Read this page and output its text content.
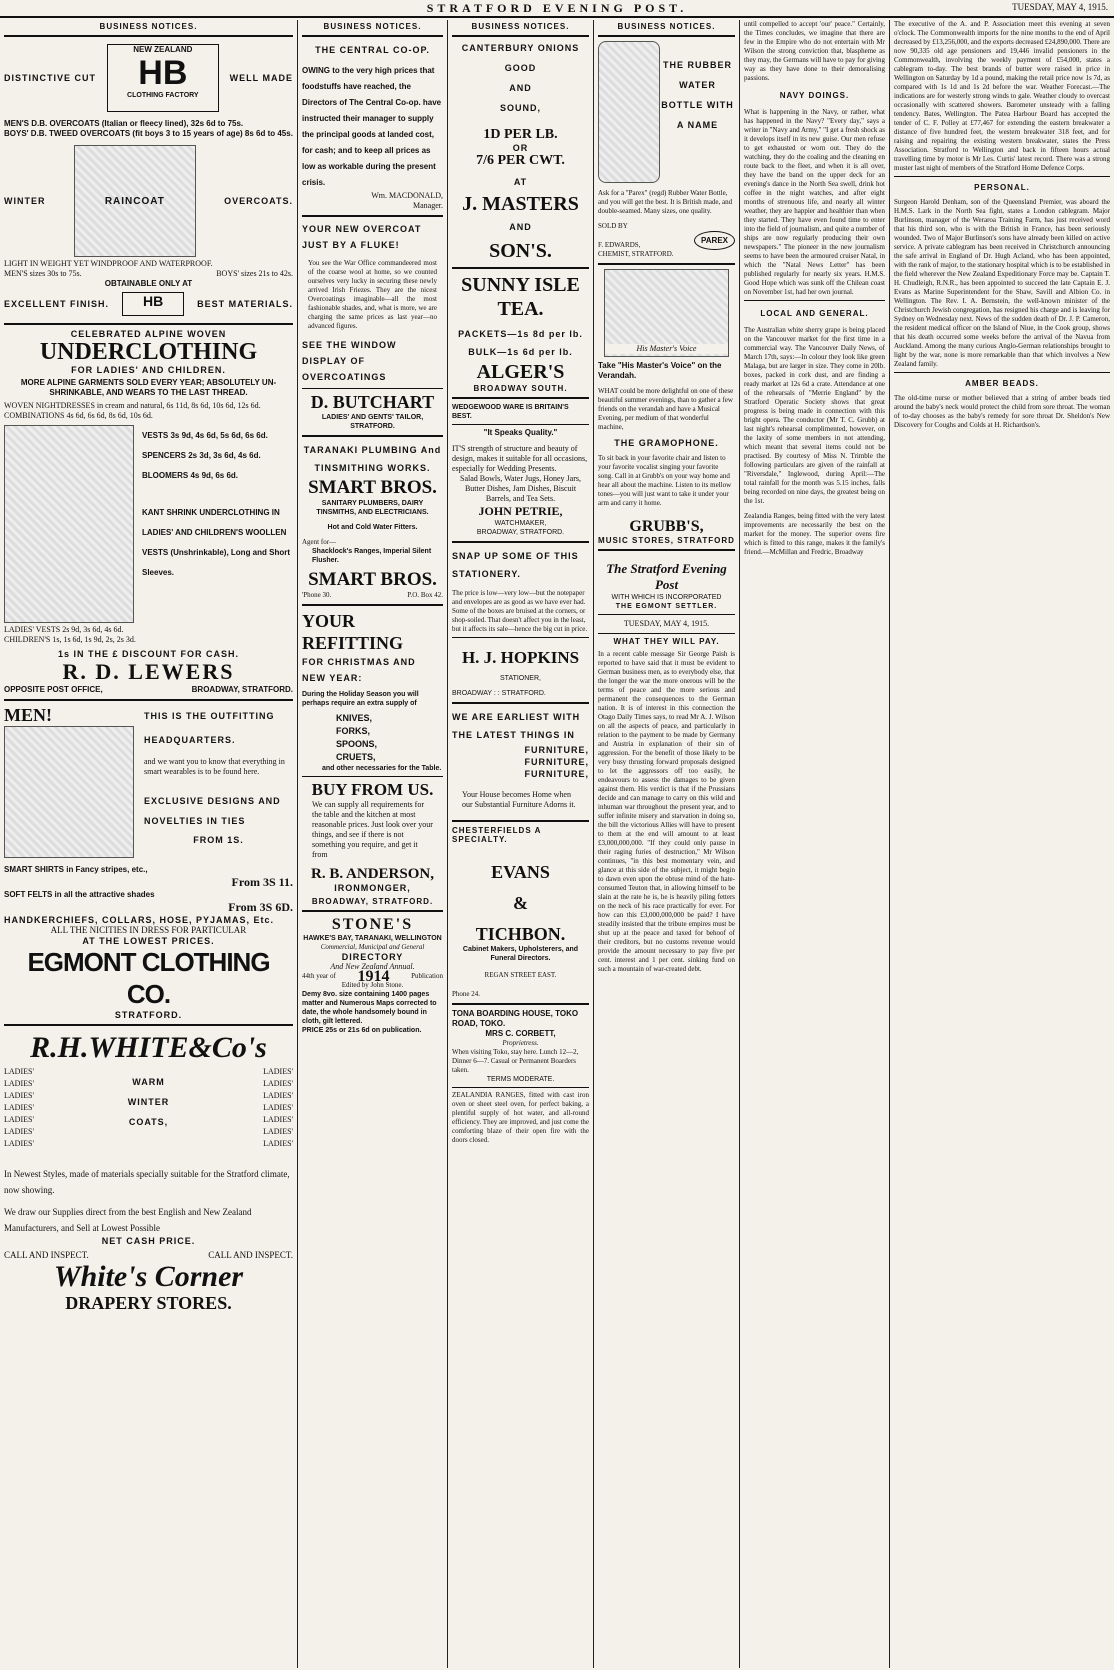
STRATFORD EVENING POST.	TUESDAY, MAY 4, 1915.
BUSINESS NOTICES.
DISTINCTIVE CUT
NEW ZEALAND
HB
CLOTHING FACTORY
WELL MADE
MEN'S D.B. OVERCOATS (Italian or fleecy lined), 32s 6d to 75s.
BOYS' D.B. TWEED OVERCOATS (fit boys 3 to 15 years of age) 8s 6d to 45s.
WINTER	RAINCOAT	OVERCOATS.
LIGHT IN WEIGHT YET WINDPROOF AND WATERPROOF.
MEN'S sizes 30s to 75s.	BOYS' sizes 21s to 42s.
OBTAINABLE ONLY AT
EXCELLENT FINISH.	HB	BEST MATERIALS.
CELEBRATED ALPINE WOVEN
UNDERCLOTHING
FOR LADIES' AND CHILDREN.
MORE ALPINE GARMENTS SOLD EVERY YEAR; ABSOLUTELY UN-SHRINKABLE, AND WEARS TO THE LAST THREAD.
WOVEN NIGHTDRESSES in cream and natural, 6s 11d, 8s 6d, 10s 6d, 12s 6d.
COMBINATIONS 4s 6d, 6s 6d, 8s 6d, 10s 6d.
VESTS 3s 9d, 4s 6d, 5s 6d, 6s 6d.
SPENCERS 2s 3d, 3s 6d, 4s 6d.
BLOOMERS 4s 9d, 6s 6d.
KANT SHRINK UNDERCLOTHING IN LADIES' AND CHILDREN'S WOOLLEN VESTS (Unshrinkable), Long and Short Sleeves.
LADIES' VESTS 2s 9d, 3s 6d, 4s 6d.
CHILDREN'S 1s, 1s 6d, 1s 9d, 2s, 2s 3d.
1s IN THE £ DISCOUNT FOR CASH.
R. D. LEWERS
OPPOSITE POST OFFICE,	BROADWAY, STRATFORD.
MEN!	THIS IS THE OUTFITTING
HEADQUARTERS.
and we want you to know that everything in smart wearables is to be found here.
EXCLUSIVE DESIGNS AND NOVELTIES IN TIES
FROM 1S.
SMART SHIRTS in Fancy stripes, etc.,
From 3S 11.
SOFT FELTS in all the attractive shades
From 3S 6D.
HANDKERCHIEFS, COLLARS, HOSE, PYJAMAS, Etc.
ALL THE NICITIES IN DRESS FOR PARTICULAR
AT THE LOWEST PRICES.
EGMONT CLOTHING CO.
STRATFORD.
R.H.WHITE&Co's
LADIES'
LADIES'
LADIES'
LADIES'
LADIES'
LADIES'
LADIES'
WARM
WINTER
COATS,
LADIES'
LADIES'
LADIES'
LADIES'
LADIES'
LADIES'
LADIES'
In Newest Styles, made of materials specially suitable for the Stratford climate, now showing.
We draw our Supplies direct from the best English and New Zealand Manufacturers, and Sell at Lowest Possible
NET CASH PRICE.
CALL AND INSPECT.	CALL AND INSPECT.
White's Corner
DRAPERY STORES.
BUSINESS NOTICES.
THE CENTRAL CO-OP.
OWING to the very high prices that foodstuffs have reached, the Directors of The Central Co-op. have instructed their manager to supply the principal goods at landed cost, for cash; and to keep all prices as low as workable during the present crisis.
Wm. MACDONALD,
Manager.
YOUR NEW OVERCOAT JUST BY A FLUKE!
You see the War Office commandeered most of the coarse wool at home, so we counted ourselves very lucky in securing these newly arrived Irish Friezes. They are the nicest Overcoatings imaginable—all the most fashionable shades, and, what is more, we are charging the same prices as last year—no advanced figures.
SEE THE WINDOW DISPLAY OF OVERCOATINGS
D. BUTCHART
LADIES' AND GENTS' TAILOR, STRATFORD.
TARANAKI PLUMBING And TINSMITHING WORKS.
SMART BROS.
SANITARY PLUMBERS, DAIRY TINSMITHS, AND ELECTRICIANS.
Hot and Cold Water Fitters.
Agent for—
Shacklock's Ranges, Imperial Silent Flusher.
SMART BROS.
'Phone 30.	P.O. Box 42.
YOUR REFITTING
FOR CHRISTMAS AND NEW YEAR:
During the Holiday Season you will perhaps require an extra supply of
KNIVES,
FORKS,
SPOONS,
CRUETS,
and other necessaries for the Table.
BUY FROM US.
We can supply all requirements for the table and the kitchen at most reasonable prices. Just look over your things, and see if there is not something you require, and get it from
R. B. ANDERSON,
IRONMONGER,
BROADWAY, STRATFORD.
STONE'S
HAWKE'S BAY, TARANAKI, WELLINGTON
Commercial, Municipal and General
DIRECTORY
And New Zealand Annual.
44th year of 1914	Publication
Edited by John Stone.
Demy 8vo. size containing 1400 pages matter and Numerous Maps corrected to date, the whole handsomely bound in cloth, gilt lettered.
PRICE 25s or 21s 6d on publication.
BUSINESS NOTICES.
CANTERBURY ONIONS
GOOD
AND
SOUND,
1D PER LB.
OR
7/6 PER CWT.
AT
J. MASTERS
AND
SON'S.
SUNNY ISLE TEA.
PACKETS—1s 8d per lb.
BULK—1s 6d per lb.
ALGER'S
BROADWAY SOUTH.
WEDGEWOOD WARE IS BRITAIN'S BEST.
"It Speaks Quality."
IT'S strength of structure and beauty of design, makes it suitable for all occasions, especially for Wedding Presents.
Salad Bowls, Water Jugs, Honey Jars, Butter Dishes, Jam Dishes, Biscuit Barrels, and Tea Sets.
JOHN PETRIE,
WATCHMAKER,
BROADWAY, STRATFORD.
SNAP UP SOME OF THIS STATIONERY.
The price is low—very low—but the notepaper and envelopes are as good as we have ever had. Some of the boxes are bruised at the corners, or shop-soiled. That doesn't affect you in the least, but it affects its sale—hence the big cut in price.
H. J. HOPKINS
STATIONER,
BROADWAY : : STRATFORD.
WE ARE EARLIEST WITH THE LATEST THINGS IN
FURNITURE,
FURNITURE,
FURNITURE,
Your House becomes Home when our Substantial Furniture Adorns it.
CHESTERFIELDS A SPECIALTY.
EVANS
&
TICHBON.
Cabinet Makers, Upholsterers, and Funeral Directors.
REGAN STREET EAST.
Phone 24.
TONA BOARDING HOUSE, TOKO ROAD, TOKO.
MRS C. CORBETT,
Proprietress.
When visiting Toko, stay here. Lunch 12—2, Dinner 6—7. Casual or Permanent Boarders taken.
TERMS MODERATE.
ZEALANDIA RANGES, fitted with cast iron oven or sheet steel oven, for perfect baking, a plentiful supply of hot water, and all-round efficiency. They are improved, and just come the comforting blaze of their open fire with the doors closed.
BUSINESS NOTICES.
THE RUBBER WATER BOTTLE WITH A NAME
Ask for a "Parex" (regd) Rubber Water Bottle, and you will get the best. It is British made, and double-seamed. Many sizes, one quality.
SOLD BY
F. EDWARDS,
CHEMIST, STRATFORD.
PAREX
His Master's Voice
Take "His Master's Voice" on the Verandah.
WHAT could be more delightful on one of these beautiful summer evenings, than to gather a few friends on the verandah and have a Musical Evening, per medium of that wonderful machine,
THE GRAMOPHONE.
To sit back in your favorite chair and listen to your favorite vocalist singing your favorite song. Call in at Grubb's on your way home and hear all about the machine. Listen to its mellow tones—you will just want to take it under your arm and carry it home.
GRUBB'S,
MUSIC STORES, STRATFORD
The Stratford Evening Post
WITH WHICH IS INCORPORATED
THE EGMONT SETTLER.
TUESDAY, MAY 4, 1915.
WHAT THEY WILL PAY.
In a recent cable message Sir George Paish is reported to have said that it must be evident to German business men, as to everybody else, that the longer the war the more onerous will be the terms of peace and the more serious and permanent the consequences to the German nation. It is of interest in this connection the Otago Daily Times says, to read Mr A. J. Wilson on all the aspects of peace, and particularly in relation to the payment to be made by Germany and Austria in explanation of their sin of aggression. For the benefit of those likely to be very busy thrusting forward proposals designed to let the aggressors off too easily, he endeavours to assess the damages to be given against them. His verdict is that if the Prussians decide and can manage to carry on this wild and inhuman war throughout the present year, and to suffer infinite misery and starvation in doing so, the bill the victorious Allies will have to present to them at the end will amount to at least £3,000,000,000. "If they could only pause in their raging furies of destruction," Mr Wilson continues, "in this best momentary vein, and glance at this side of the subject, it might begin to dawn even upon the obtuse mind of the hate-consumed Teuton that, in allowing himself to be slain at the rate he is, he is heavily piling fetters on the neck of his race practically for ever. For how can this £3,000,000,000 be paid? I have steadily insisted that the tribute empires must be shut up at the peace and taxed for behoof of their creditors, but no customs revenue would provide the amount necessary to pay five per cent. interest and 1 per cent. sinking fund on such a mountain of war-created debt.
until compelled to accept 'our' peace." Certainly, the Times concludes, we imagine that there are few in the Empire who do not entertain with Mr Wilson the strong conviction that, blaspheme as they may, the Germans will have to pay for giving way as they have done to their demoralising passions.
NAVY DOINGS.
What is happening in the Navy, or rather, what has happened in the Navy? "Every day," says a writer in "Navy and Army," "I get a fresh shock as it develops itself in its new guise. Our men refuse to get exhausted or worn out. They do the watching, they do the coaling and the cleaning en route back to the fleet, and when it is all over, they have the band on the upper deck for an evening's dance in the North Sea swell, drink hot coffee in the night watches, and after eight months of strenuous life, and nearly all winter weather, they are happier and healthier than when they started. They have even found time to enter into the field of journalism, and quite a number of ships are now regularly producing their own newspapers." The pioneer in the new journalism seems to have been the armoured cruiser Natal, in which the "Natal News Letter" has been published regularly for nearly six years. H.M.S. Good Hope which was sunk off the Chilean coast on November 1st, had her own journal.
LOCAL AND GENERAL.
The Australian white sherry grape is being placed on the Vancouver market for the first time in a commercial way. The Vancouver Daily News, of March 17th, says:—In colour they look like green Malaga, but are larger in size. They come in 20lb. boxes, packed in cork dust, and are finding a ready market at 12s 6d a crate. Attendance at one of the rehearsals of "Merrie England" by the Stratford Operatic Society shows that great progress is being made in connection with this bright opera. The conductor (Mr T. C. Grubb) at last night's rehearsal complimented, however, on the laxity of some members in not attending, which meant that several items could not be practised. By courtesy of Miss N. Trimble the following particulars are given of the rainfall at "Riversdale," Inglewood, during April:—The total rainfall for the month was 5.15 inches, falls being recorded on nine days, the greatest being on the 1st.
Zealandia Ranges, being fitted with the very latest improvements are necessarily the best on the market for the money. The superior ovens fire which is fitted to this range, makes it the family's friend.—McMillan and Fredric, Broadway
The executive of the A. and P. Association meet this evening at seven o'clock. The Commonwealth imports for the nine months to the end of April decreased by £13,256,000, and the exports decreased £24,890,000. There are now 90,335 old age pensioners and 19,446 invalid pensioners in the Commonwealth, involving the weekly payment of £54,000, states a cablegram to-day. The best brands of butter were raised in price in Wellington on Saturday by 1d a pound, making the retail price now 1s 7d, as compared with 1s 1d and 1s 2d before the war. Weather Forecast.—The indications are for westerly strong winds to gale. Weather cloudy to overcast occasionally with scattered showers. Barometer unsteady with a falling tendency. Bates, Wellington. The Patea Harbour Board has accepted the tender of C. F. Polley at £77,467 for extending the eastern breakwater a distance of five hundred feet, the western breakwater 318 feet, and for raising and repairing the existing western breakwater, states the Press Association. Stratford to Wellington and back in fifteen hours actual travelling time by motor is Mr Les. Curtis' latest record. There was a strong muster last night of members of the Stratford Home Defence Corps.
PERSONAL.
Surgeon Harold Denham, son of the Queensland Premier, was aboard the H.M.S. Lark in the North Sea fight, states a London cablegram. Major Burlinson, manager of the Weraroa Training Farm, has just received word that his third son, who is with the British in France, has been seriously wounded. Two of Major Burlinson's sons have already been killed on active service. A private cablegram has been received in Christchurch announcing the safe arrival in England of Dr. Hugh Acland, who has been appointed, with the rank of major, to the stationary hospital which is to be established in the field wherever the New Zealand Expeditionary Force may be. Captain T. H. Chudleigh, R.N.R., has been appointed to succeed the late Captain E. J. Evans as Marine Superintendent for the Shaw, Savill and Albion Co. in Wellington. The Rev. I. A. Bernstein, the well-known minister of the Christchurch Jewish congregation, has resigned his charge and is leaving for Sydney on Wednesday next. News of the sudden death of Dr. J. P. Cameron, the resident medical officer on the Island of Niue, in the Cook group, shows that his death occurred some weeks before the arrival of the Navua from Auckland. Among the many curious Anglo-German relationships brought to light by the war, none is more remarkable than that which involves a New Zealand family.
AMBER BEADS.
The old-time nurse or mother believed that a string of amber beads tied around the baby's neck would protect the child from sore throat. The woman of to-day chooses as the baby's remedy for sore throat Dr. Sheldon's New Discovery for Coughs and Colds at H. Richardson's.
